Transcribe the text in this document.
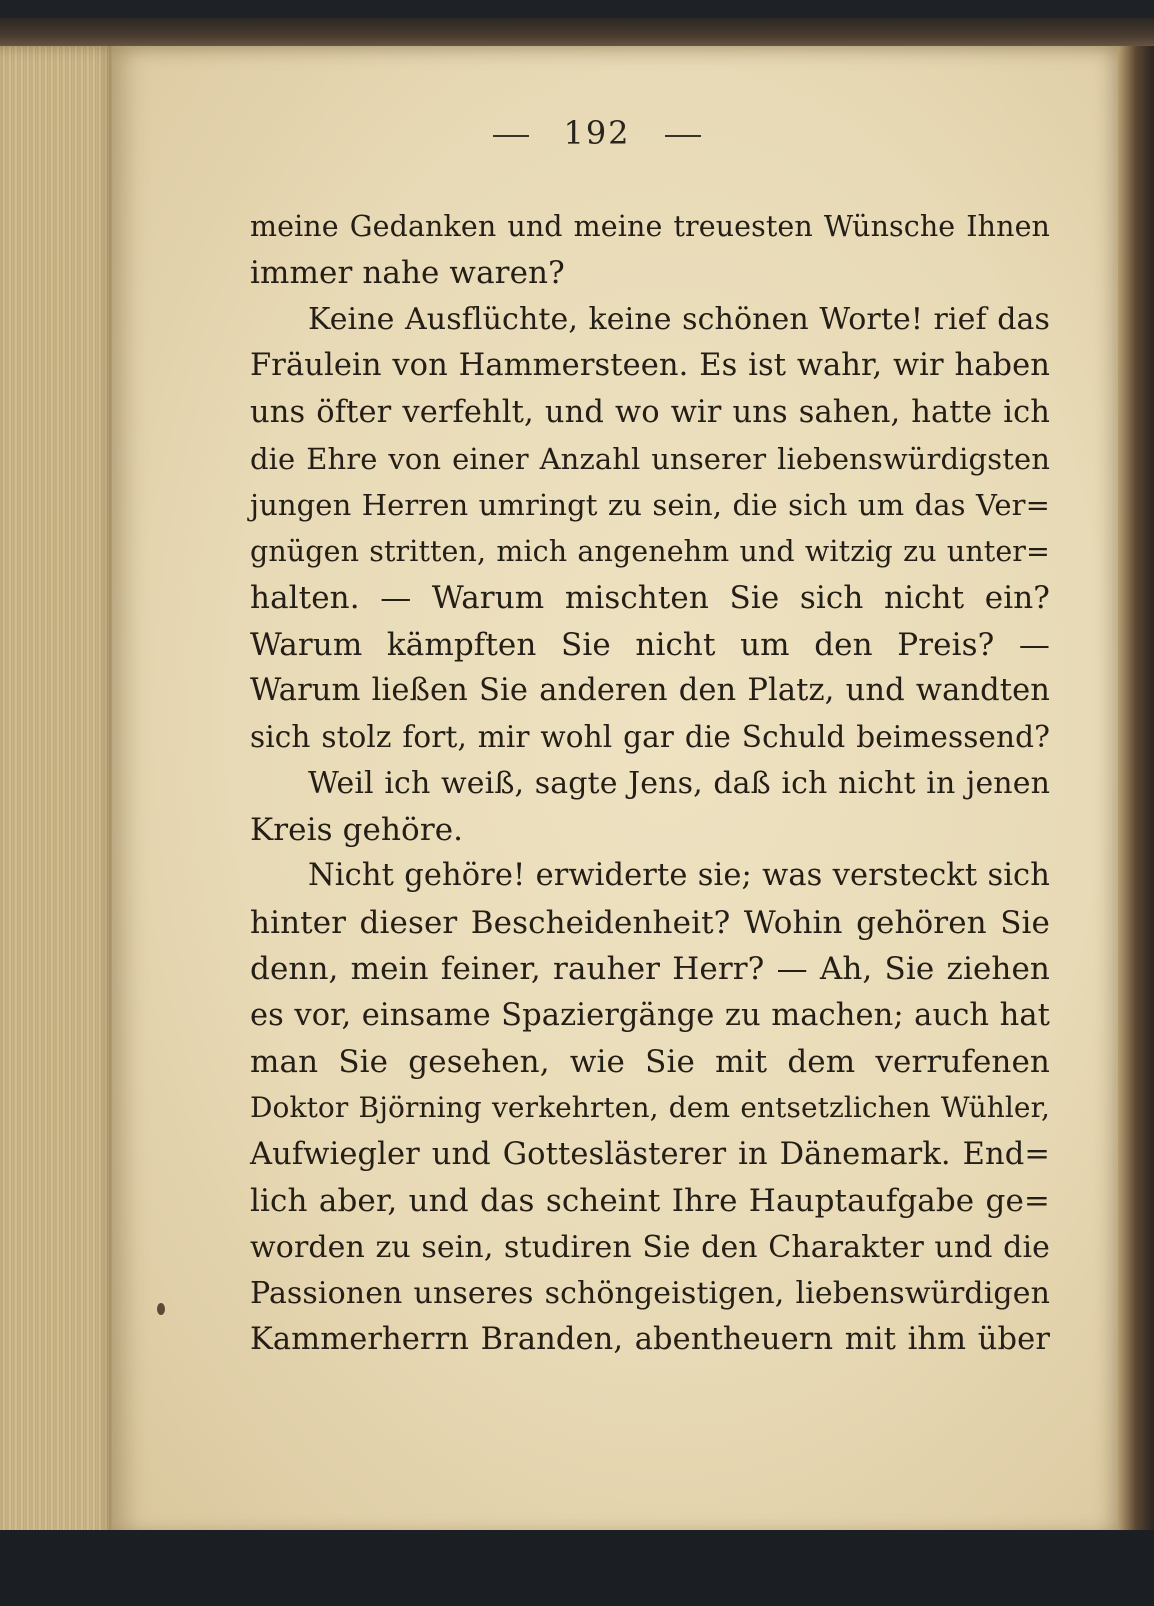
192
meine Gedanken und meine treuesten Wünsche Ihnen
immer nahe waren?
Keine Ausflüchte, keine schönen Worte! rief das
Fräulein von Hammersteen. Es ist wahr, wir haben
uns öfter verfehlt, und wo wir uns sahen, hatte ich
die Ehre von einer Anzahl unserer liebenswürdigsten
jungen Herren umringt zu sein, die sich um das Ver=
gnügen stritten, mich angenehm und witzig zu unter=
halten. — Warum mischten Sie sich nicht ein?
Warum kämpften Sie nicht um den Preis? —
Warum ließen Sie anderen den Platz, und wandten
sich stolz fort, mir wohl gar die Schuld beimessend?
Weil ich weiß, sagte Jens, daß ich nicht in jenen
Kreis gehöre.
Nicht gehöre! erwiderte sie; was versteckt sich
hinter dieser Bescheidenheit? Wohin gehören Sie
denn, mein feiner, rauher Herr? — Ah, Sie ziehen
es vor, einsame Spaziergänge zu machen; auch hat
man Sie gesehen, wie Sie mit dem verrufenen
Doktor Björning verkehrten, dem entsetzlichen Wühler,
Aufwiegler und Gotteslästerer in Dänemark. End=
lich aber, und das scheint Ihre Hauptaufgabe ge=
worden zu sein, studiren Sie den Charakter und die
Passionen unseres schöngeistigen, liebenswürdigen
Kammerherrn Branden, abentheuern mit ihm über
